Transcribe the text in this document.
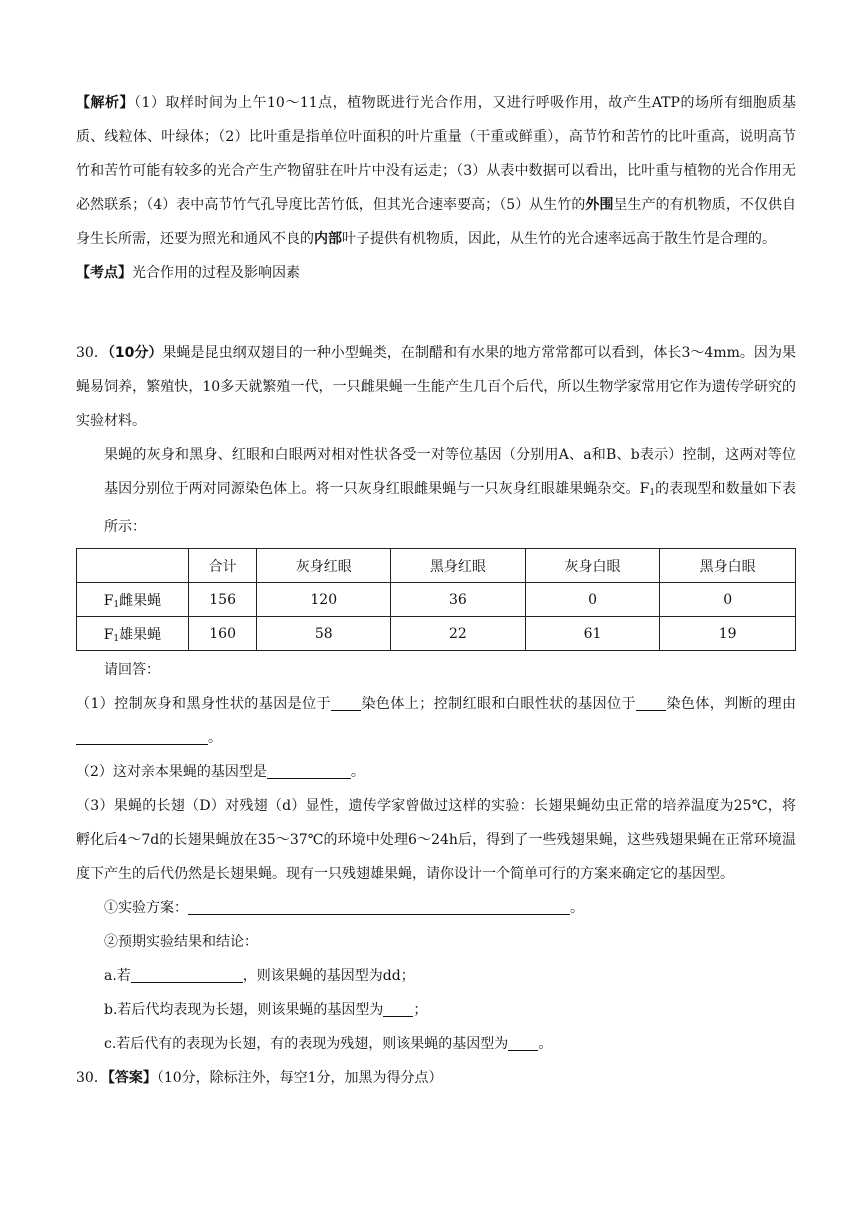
【解析】（1）取样时间为上午10～11点，植物既进行光合作用，又进行呼吸作用，故产生ATP的场所有细胞质基质、线粒体、叶绿体；（2）比叶重是指单位叶面积的叶片重量（干重或鲜重），高节竹和苦竹的比叶重高，说明高节竹和苦竹可能有较多的光合产生产物留驻在叶片中没有运走；（3）从表中数据可以看出，比叶重与植物的光合作用无必然联系；（4）表中高节竹气孔导度比苦竹低，但其光合速率要高；（5）从生竹的外围呈生产的有机物质，不仅供自身生长所需，还要为照光和通风不良的内部叶子提供有机物质，因此，从生竹的光合速率远高于散生竹是合理的。

【考点】光合作用的过程及影响因素

30．（10分）果蝇是昆虫纲双翅目的一种小型蝇类，在制醋和有水果的地方常常都可以看到，体长3～4mm。因为果蝇易饲养，繁殖快，10多天就繁殖一代，一只雌果蝇一生能产生几百个后代，所以生物学家常用它作为遗传学研究的实验材料。

果蝇的灰身和黑身、红眼和白眼两对相对性状各受一对等位基因（分别用A、a和B、b表示）控制，这两对等位基因分别位于两对同源染色体上。将一只灰身红眼雌果蝇与一只灰身红眼雄果蝇杂交。$F_1$的表现型和数量如下表所示：

	合计	灰身红眼	黑身红眼	灰身白眼	黑身白眼
$F_1$雌果蝇	156	120	36	0	0
$F_1$雄果蝇	160	58	22	61	19

请回答：

（1）控制灰身和黑身性状的基因是位于 染色体上；控制红眼和白眼性状的基因位于 染色体，判断的理由。

（2）这对亲本果蝇的基因型是	。

（3）果蝇的长翅（D）对残翅（d）显性，遗传学家曾做过这样的实验：长翅果蝇幼虫正常的培养温度为25℃，将孵化后4～7d的长翅果蝇放在35～37℃的环境中处理6～24h后，得到了一些残翅果蝇，这些残翅果蝇在正常环境温度下产生的后代仍然是长翅果蝇。现有一只残翅雄果蝇，请你设计一个简单可行的方案来确定它的基因型。

①实验方案：	。

②预期实验结果和结论：

a.若	，则该果蝇的基因型为dd；

b.若后代均表现为长翅，则该果蝇的基因型为 ；

c.若后代有的表现为长翅，有的表现为残翅，则该果蝇的基因型为 。

30．【答案】（10分，除标注外，每空1分，加黑为得分点）
